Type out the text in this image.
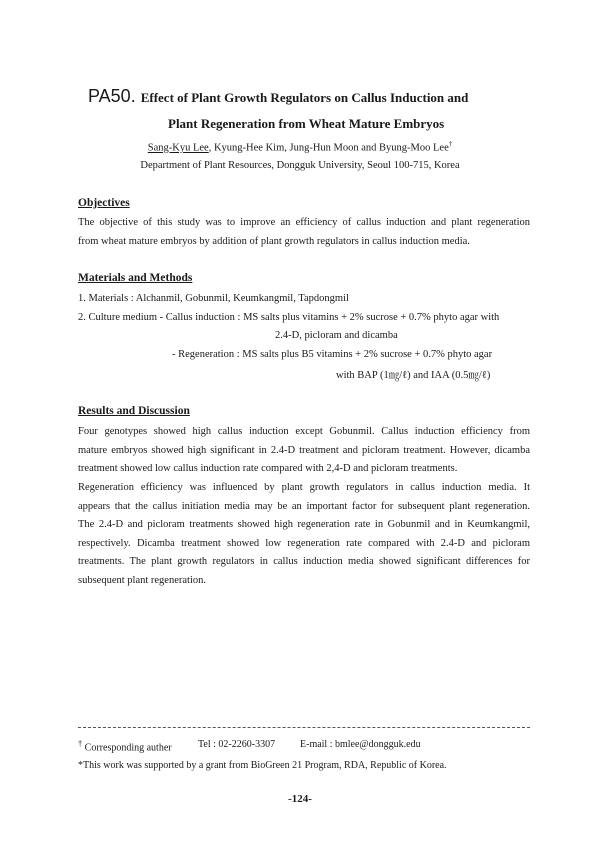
PA50. Effect of Plant Growth Regulators on Callus Induction and
Plant Regeneration from Wheat Mature Embryos
Sang-Kyu Lee, Kyung-Hee Kim, Jung-Hun Moon and Byung-Moo Lee†
Department of Plant Resources, Dongguk University, Seoul 100-715, Korea
Objectives
The objective of this study was to improve an efficiency of callus induction and plant regeneration
from wheat mature embryos by addition of plant growth regulators in callus induction media.
Materials and Methods
1. Materials : Alchanmil, Gobunmil, Keumkangmil, Tapdongmil
2. Culture medium - Callus induction : MS salts plus vitamins + 2% sucrose + 0.7% phyto agar with
2.4-D, picloram and dicamba
- Regeneration : MS salts plus B5 vitamins + 2% sucrose + 0.7% phyto agar
with BAP (1㎎/ℓ) and IAA (0.5㎎/ℓ)
Results and Discussion
Four genotypes showed high callus induction except Gobunmil. Callus induction efficiency from
mature embryos showed high significant in 2.4-D treatment and picloram treatment. However, dicamba
treatment showed low callus induction rate compared with 2,4-D and picloram treatments.
Regeneration efficiency was influenced by plant growth regulators in callus induction media. It
appears that the callus initiation media may be an important factor for subsequent plant regeneration.
The 2.4-D and picloram treatments showed high regeneration rate in Gobunmil and in Keumkangmil,
respectively. Dicamba treatment showed low regeneration rate compared with 2.4-D and picloram
treatments. The plant growth regulators in callus induction media showed significant differences for
subsequent plant regeneration.
† Corresponding auther	Tel : 02-2260-3307 E-mail : bmlee@dongguk.edu
*This work was supported by a grant from BioGreen 21 Program, RDA, Republic of Korea.
-124-
